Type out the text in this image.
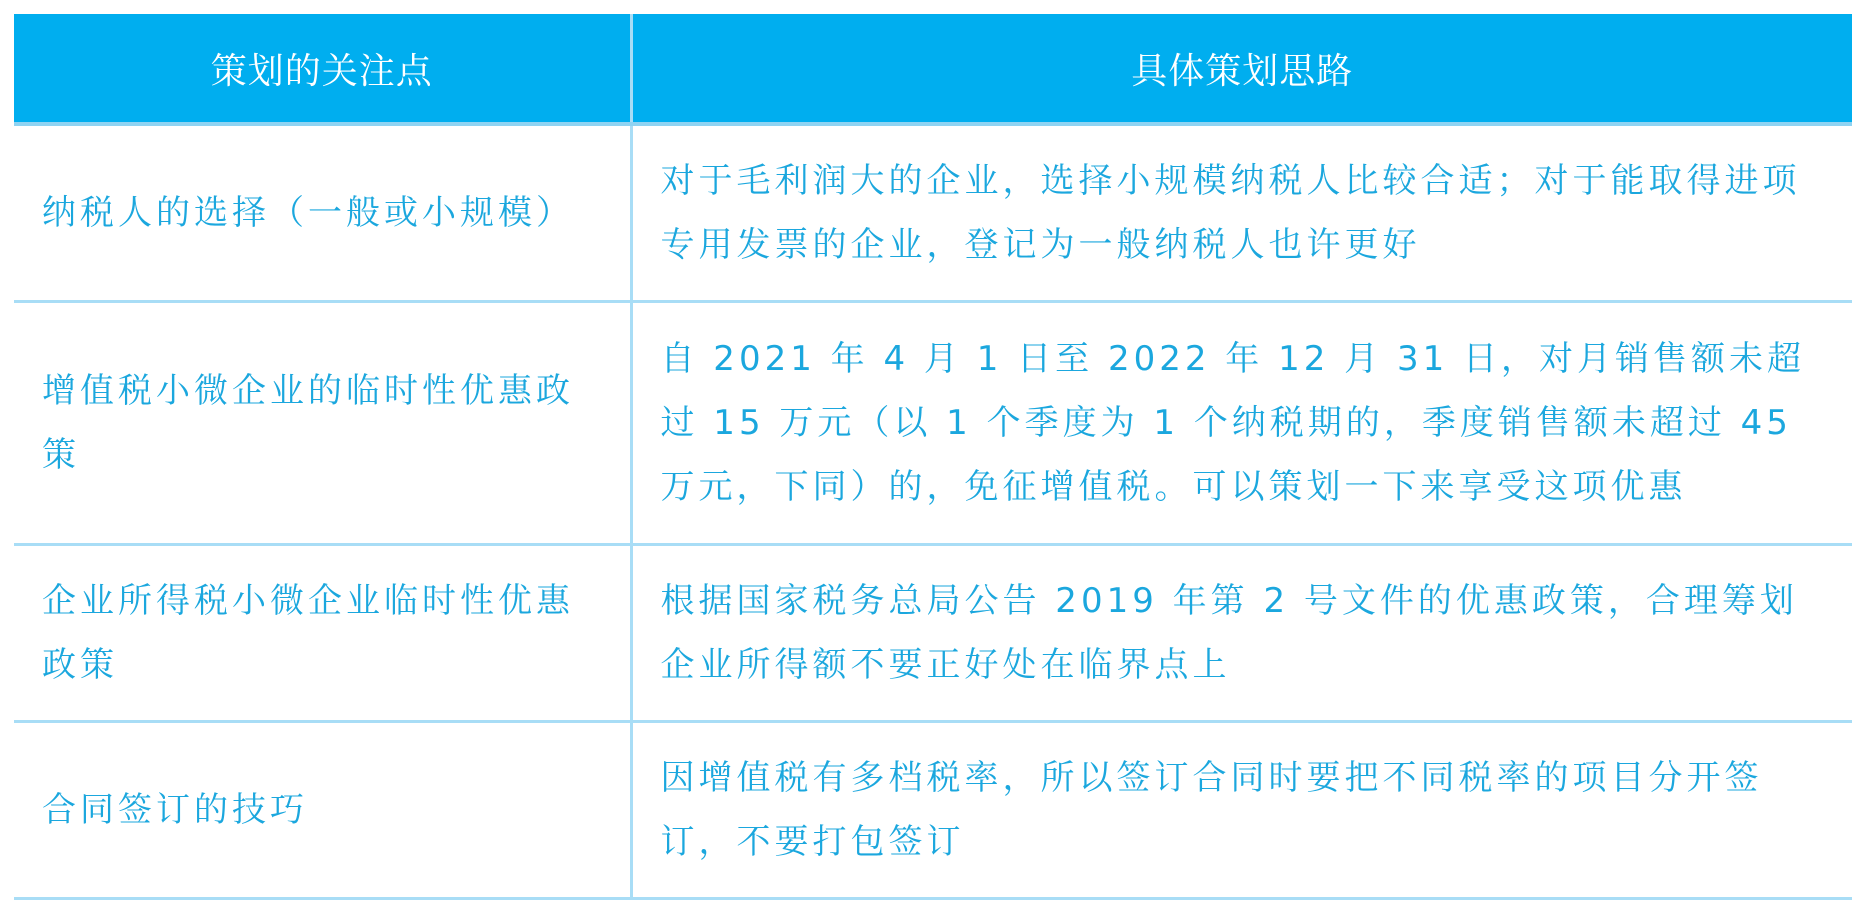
策划的关注点	具体策划思路
纳税人的选择（一般或小规模）	对于毛利润大的企业，选择小规模纳税人比较合适；对于能取得进项专用发票的企业，登记为一般纳税人也许更好
增值税小微企业的临时性优惠政策	自 2021 年 4 月 1 日至 2022 年 12 月 31 日，对月销售额未超过 15 万元（以 1 个季度为 1 个纳税期的，季度销售额未超过 45 万元，下同）的，免征增值税。可以策划一下来享受这项优惠
企业所得税小微企业临时性优惠政策	根据国家税务总局公告 2019 年第 2 号文件的优惠政策，合理筹划企业所得额不要正好处在临界点上
合同签订的技巧	因增值税有多档税率，所以签订合同时要把不同税率的项目分开签订，不要打包签订
